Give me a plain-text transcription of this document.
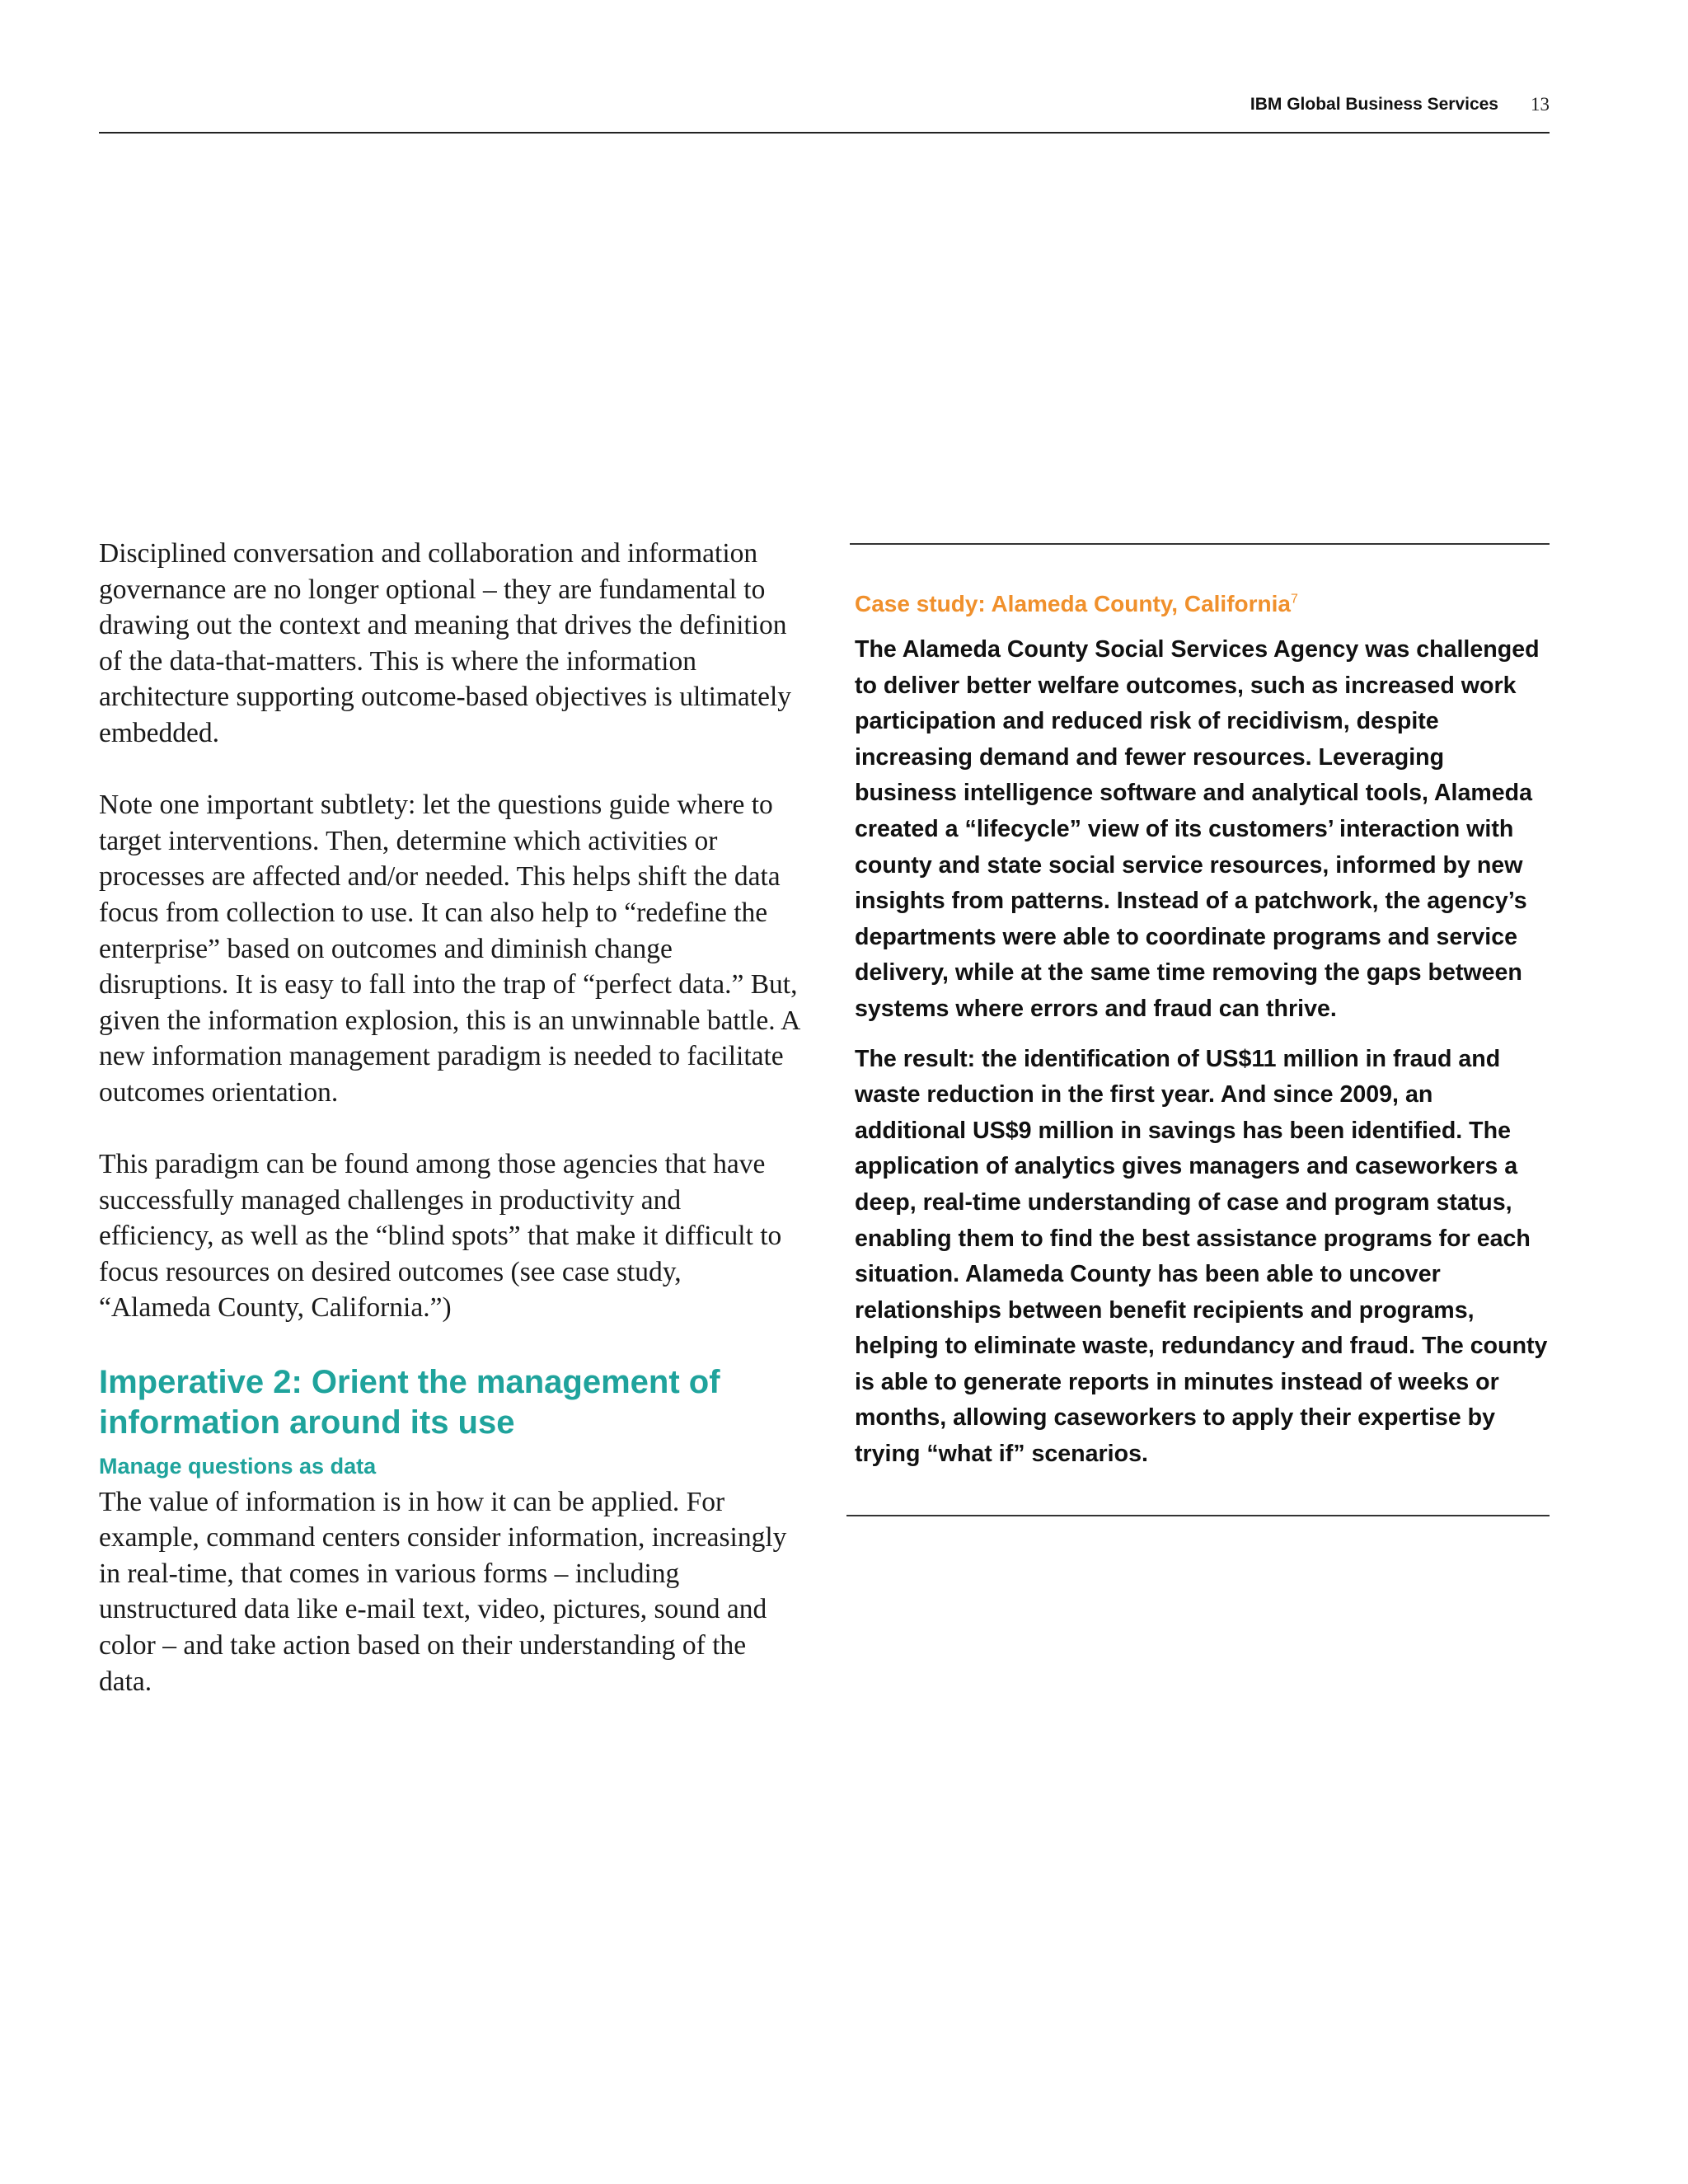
IBM Global Business Services 13

Disciplined conversation and collaboration and information governance are no longer optional – they are fundamental to drawing out the context and meaning that drives the definition of the data-that-matters. This is where the information architecture supporting outcome-based objectives is ultimately embedded.

Note one important subtlety: let the questions guide where to target interventions. Then, determine which activities or processes are affected and/or needed. This helps shift the data focus from collection to use. It can also help to “redefine the enterprise” based on outcomes and diminish change disruptions. It is easy to fall into the trap of “perfect data.” But, given the information explosion, this is an unwinnable battle. A new information management paradigm is needed to facilitate outcomes orientation.

This paradigm can be found among those agencies that have successfully managed challenges in productivity and efficiency, as well as the “blind spots” that make it difficult to focus resources on desired outcomes (see case study, “Alameda County, California.”)

Imperative 2: Orient the management of information around its use
Manage questions as data

The value of information is in how it can be applied. For example, command centers consider information, increasingly in real-time, that comes in various forms – including unstructured data like e-mail text, video, pictures, sound and color – and take action based on their understanding of the data.

Case study: Alameda County, California$^7$

The Alameda County Social Services Agency was challenged to deliver better welfare outcomes, such as increased work participation and reduced risk of recidivism, despite increasing demand and fewer resources. Leveraging business intelligence software and analytical tools, Alameda created a “lifecycle” view of its customers’ interaction with county and state social service resources, informed by new insights from patterns. Instead of a patchwork, the agency’s departments were able to coordinate programs and service delivery, while at the same time removing the gaps between systems where errors and fraud can thrive.

The result: the identification of US$11 million in fraud and waste reduction in the first year. And since 2009, an additional US$9 million in savings has been identified. The application of analytics gives managers and caseworkers a deep, real-time understanding of case and program status, enabling them to find the best assistance programs for each situation. Alameda County has been able to uncover relationships between benefit recipients and programs, helping to eliminate waste, redundancy and fraud. The county is able to generate reports in minutes instead of weeks or months, allowing caseworkers to apply their expertise by trying “what if” scenarios.
